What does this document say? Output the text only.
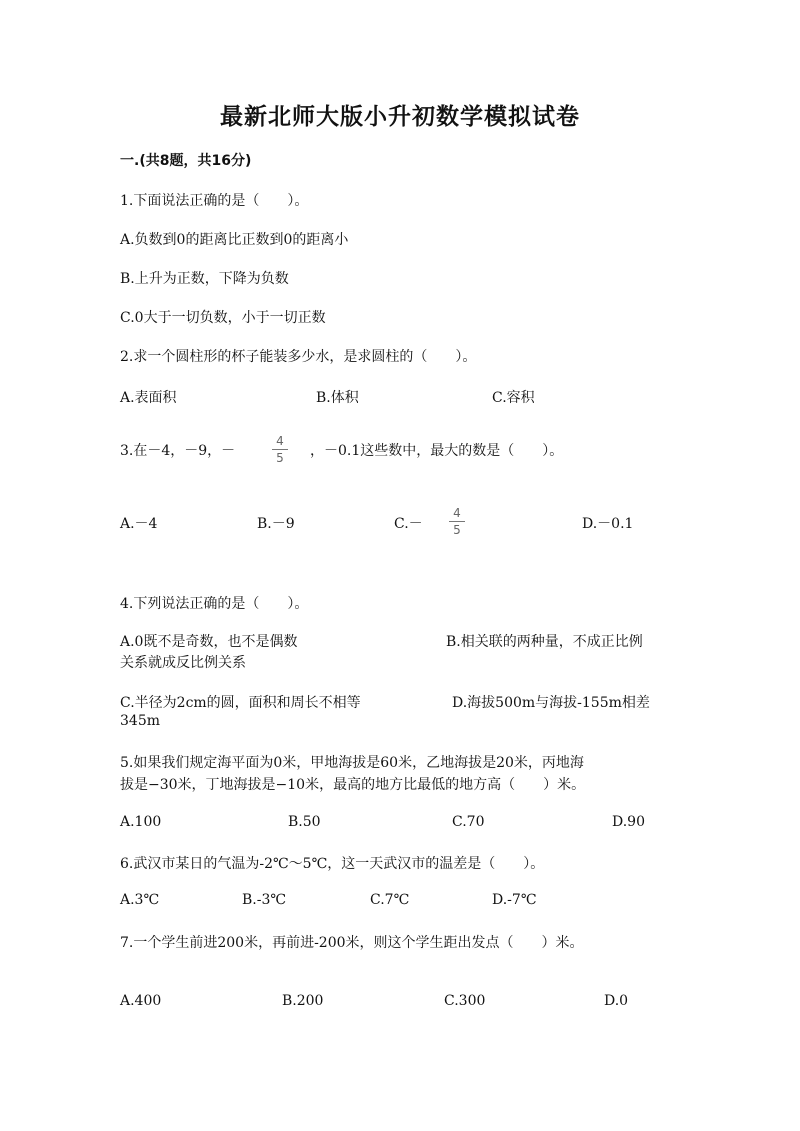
最新北师大版小升初数学模拟试卷
一.(共8题，共16分)
1.下面说法正确的是（　　）。
A.负数到0的距离比正数到0的距离小
B.上升为正数，下降为负数
C.0大于一切负数，小于一切正数
2.求一个圆柱形的杯子能装多少水，是求圆柱的（　　）。
A.表面积	B.体积	C.容积
3.在－4，－9，－
4
5 ，－0.1这些数中，最大的数是（　　）。
A.－4	B.－9	C.－
4
5	D.－0.1
4.下列说法正确的是（　　）。
A.0既不是奇数，也不是偶数	B.相关联的两种量，不成正比例
关系就成反比例关系
C.半径为2cm的圆，面积和周长不相等	D.海拔500m与海拔-155m相差
345m
5.如果我们规定海平面为0米，甲地海拔是60米，乙地海拔是20米，丙地海
拔是−30米，丁地海拔是−10米，最高的地方比最低的地方高（　　）米。
A.100	B.50	C.70	D.90
6.武汉市某日的气温为-2℃～5℃，这一天武汉市的温差是（　　）。
A.3℃	B.-3℃	C.7℃	D.-7℃
7.一个学生前进200米，再前进-200米，则这个学生距出发点（　　）米。
A.400	B.200	C.300	D.0
